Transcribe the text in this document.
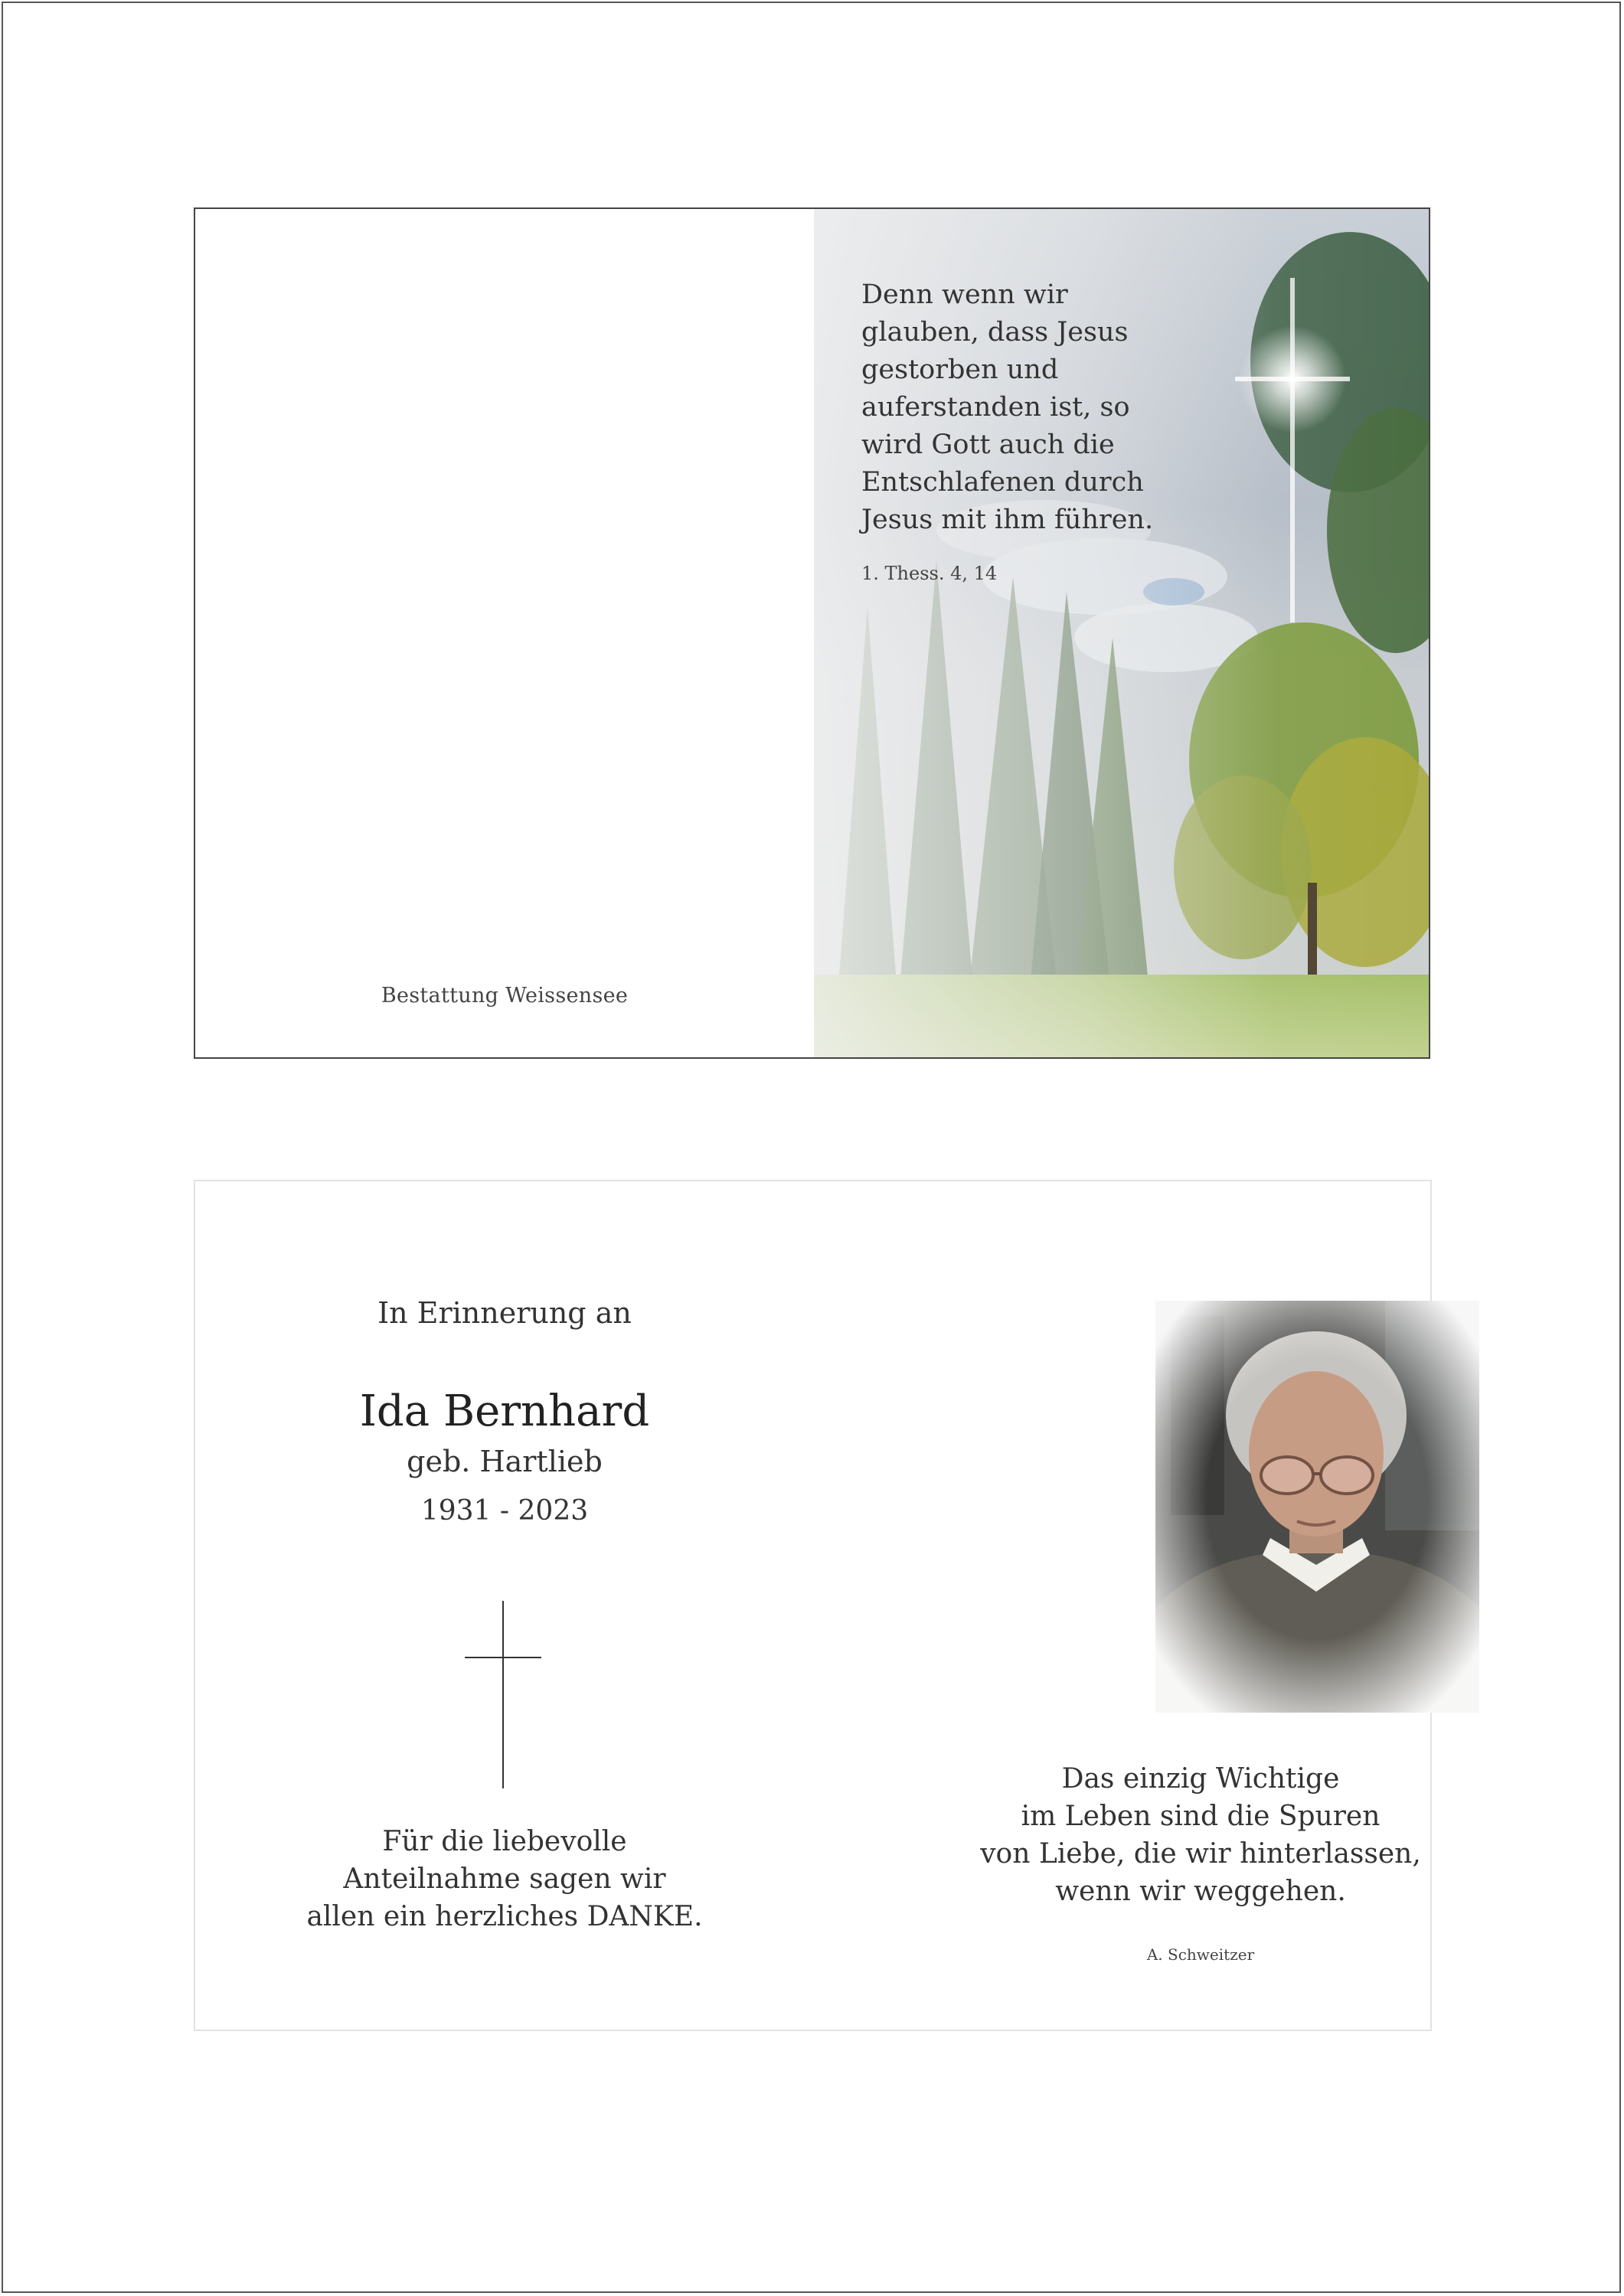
Bestattung Weissensee
Denn wenn wir
glauben, dass Jesus
gestorben und
auferstanden ist, so
wird Gott auch die
Entschlafenen durch
Jesus mit ihm führen.
1. Thess. 4, 14
In Erinnerung an
Ida Bernhard
geb. Hartlieb
1931 - 2023
Für die liebevolle
Anteilnahme sagen wir
allen ein herzliches DANKE.
Das einzig Wichtige
im Leben sind die Spuren
von Liebe, die wir hinterlassen,
wenn wir weggehen.
A. Schweitzer
